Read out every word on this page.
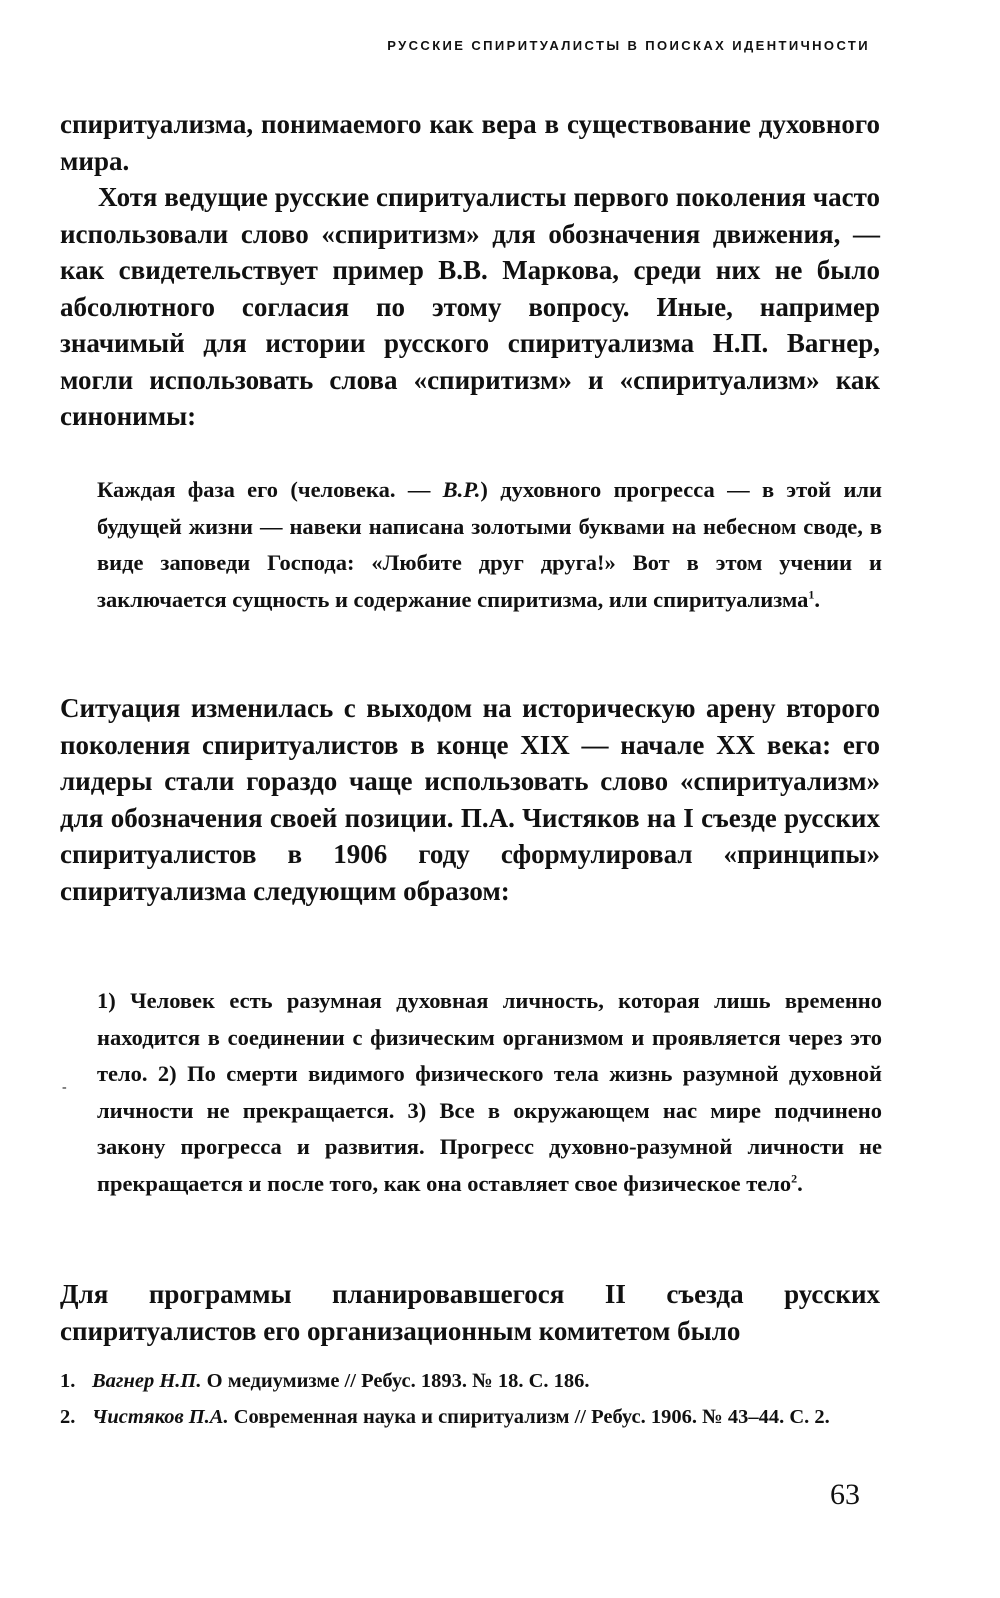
РУССКИЕ СПИРИТУАЛИСТЫ В ПОИСКАХ ИДЕНТИЧНОСТИ

спиритуализма, понимаемого как вера в существование духовного мира.

Хотя ведущие русские спиритуалисты первого поколения часто использовали слово «спиритизм» для обозначения движения, — как свидетельствует пример В.В. Маркова, среди них не было абсолютного согласия по этому вопросу. Иные, например значимый для истории русского спиритуализма Н.П. Вагнер, могли использовать слова «спиритизм» и «спиритуализм» как синонимы:

Каждая фаза его (человека. — В.Р.) духовного прогресса — в этой или будущей жизни — навеки написана золотыми буквами на небесном своде, в виде заповеди Господа: «Любите друг друга!» Вот в этом учении и заключается сущность и содержание спиритизма, или спиритуализма$^1$.

Ситуация изменилась с выходом на историческую арену второго поколения спиритуалистов в конце XIX — начале XX века: его лидеры стали гораздо чаще использовать слово «спиритуализм» для обозначения своей позиции. П.А. Чистяков на I съезде русских спиритуалистов в 1906 году сформулировал «принципы» спиритуализма следующим образом:

-

1) Человек есть разумная духовная личность, которая лишь временно находится в соединении с физическим организмом и проявляется через это тело. 2) По смерти видимого физического тела жизнь разумной духовной личности не прекращается. 3) Все в окружающем нас мире подчинено закону прогресса и развития. Прогресс духовно-разумной личности не прекращается и после того, как она оставляет свое физическое тело$^2$.

Для программы планировавшегося II съезда русских спиритуалистов его организационным комитетом было

1. Вагнер Н.П. О медиумизме // Ребус. 1893. № 18. С. 186.

2. Чистяков П.А. Современная наука и спиритуализм // Ребус. 1906. № 43–44. С. 2.

63
